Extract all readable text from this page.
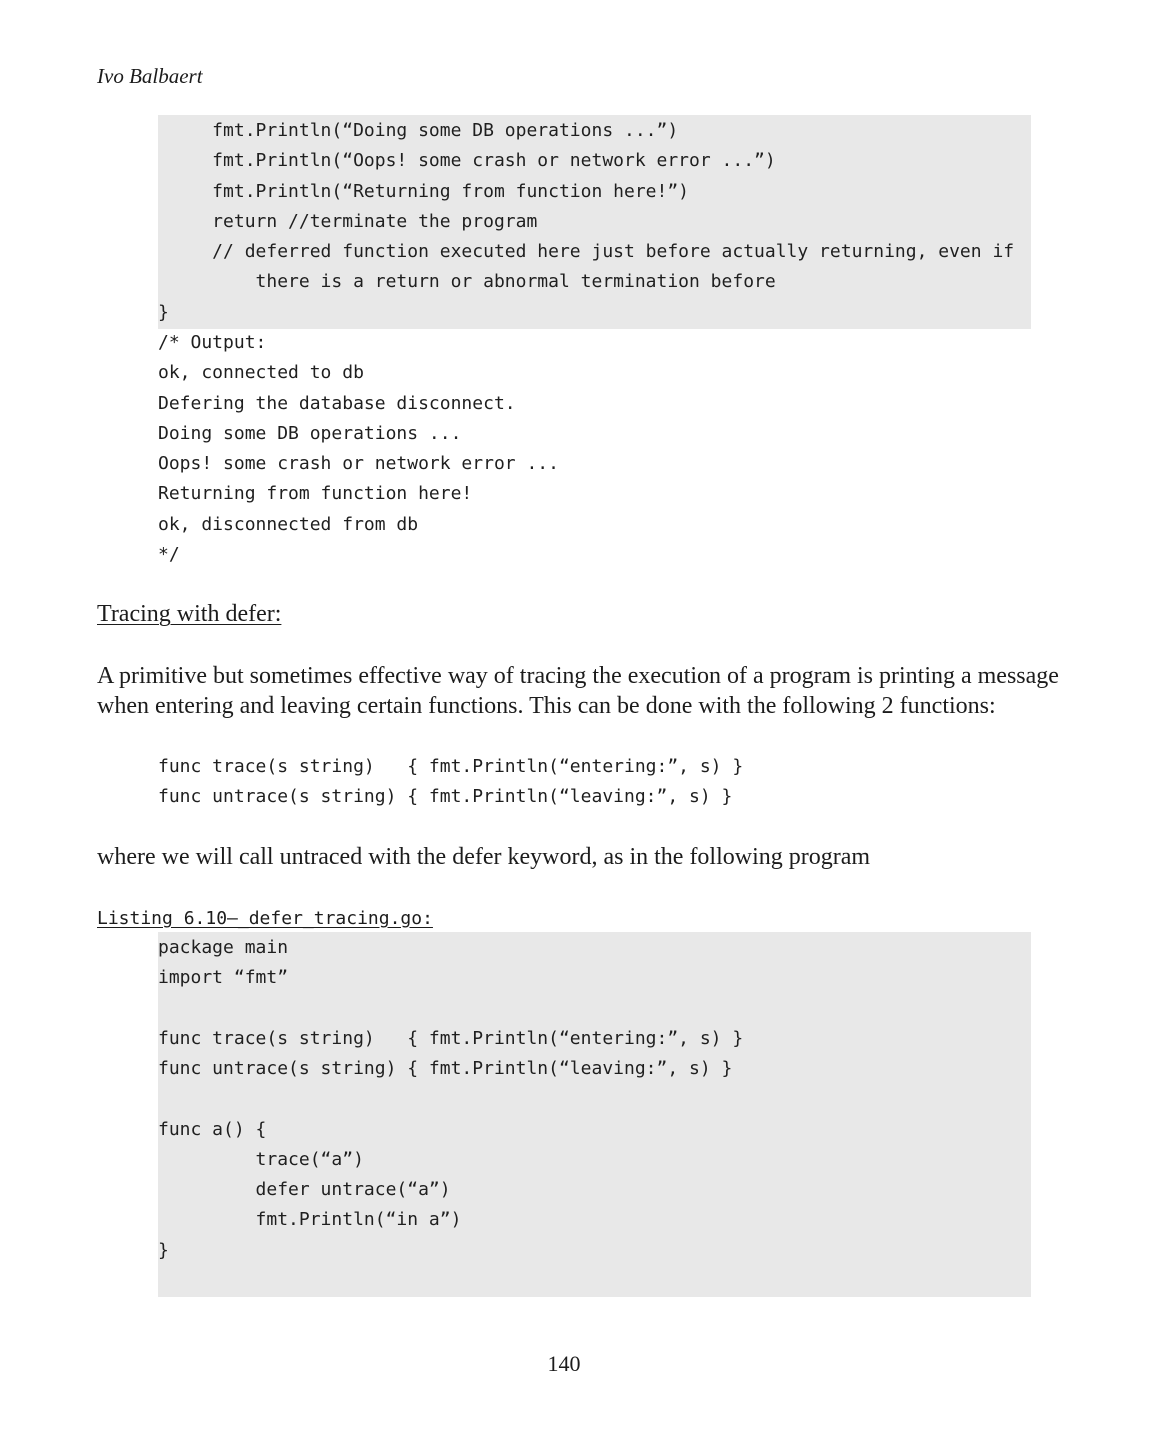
Ivo Balbaert
fmt.Println(“Doing some DB operations ...”)
fmt.Println(“Oops! some crash or network error ...”)
fmt.Println(“Returning from function here!”)
return //terminate the program
// deferred function executed here just before actually returning, even if
there is a return or abnormal termination before
}
/* Output:
ok, connected to db
Defering the database disconnect.
Doing some DB operations ...
Oops! some crash or network error ...
Returning from function here!
ok, disconnected from db
*/
Tracing with defer:

A primitive but sometimes effective way of tracing the execution of a program is printing a message
when entering and leaving certain functions. This can be done with the following 2 functions:

func trace(s string)   { fmt.Println(“entering:”, s) }
func untrace(s string) { fmt.Println(“leaving:”, s) }

where we will call untraced with the defer keyword, as in the following program

Listing 6.10—_defer_tracing.go:
package main
import “fmt”
func trace(s string)   { fmt.Println(“entering:”, s) }
func untrace(s string) { fmt.Println(“leaving:”, s) }
func a() {
trace(“a”)
defer untrace(“a”)
fmt.Println(“in a”)
}
140
